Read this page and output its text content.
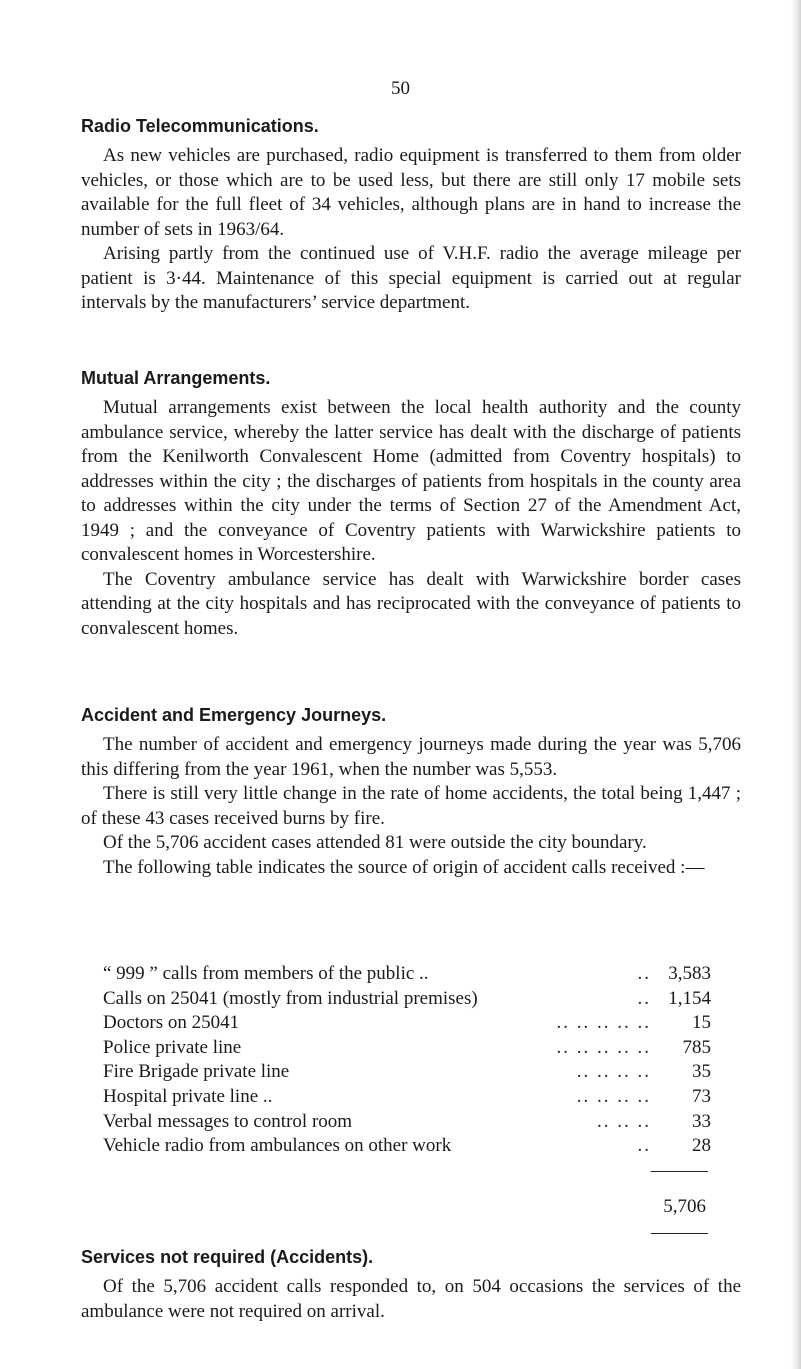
50
Radio Telecommunications.

As new vehicles are purchased, radio equipment is transferred to them from older vehicles, or those which are to be used less, but there are still only 17 mobile sets available for the full fleet of 34 vehicles, although plans are in hand to increase the number of sets in 1963/64.

Arising partly from the continued use of V.H.F. radio the average mileage per patient is 3·44. Maintenance of this special equipment is carried out at regular intervals by the manufacturers’ service department.

Mutual Arrangements.

Mutual arrangements exist between the local health authority and the county ambulance service, whereby the latter service has dealt with the discharge of patients from the Kenilworth Convalescent Home (admitted from Coventry hospitals) to addresses within the city ; the discharges of patients from hospitals in the county area to addresses within the city under the terms of Section 27 of the Amendment Act, 1949 ; and the conveyance of Coventry patients with Warwickshire patients to convalescent homes in Worcestershire.

The Coventry ambulance service has dealt with Warwickshire border cases attending at the city hospitals and has reciprocated with the conveyance of patients to convalescent homes.

Accident and Emergency Journeys.

The number of accident and emergency journeys made during the year was 5,706 this differing from the year 1961, when the number was 5,553.

There is still very little change in the rate of home accidents, the total being 1,447 ; of these 43 cases received burns by fire.

Of the 5,706 accident cases attended 81 were outside the city boundary.

The following table indicates the source of origin of accident calls received :—

“ 999 ” calls from members of the public ..	.. 3,583
Calls on 25041 (mostly from industrial premises)	.. 1,154
Doctors on 25041	.. .. .. .. ..	15
Police private line	.. .. .. .. ..	785
Fire Brigade private line	.. .. .. ..	35
Hospital private line ..	.. .. .. ..	73
Verbal messages to control room	.. .. ..	33
Vehicle radio from ambulances on other work	..	28
5,706
Services not required (Accidents).

Of the 5,706 accident calls responded to, on 504 occasions the services of the ambulance were not required on arrival.
